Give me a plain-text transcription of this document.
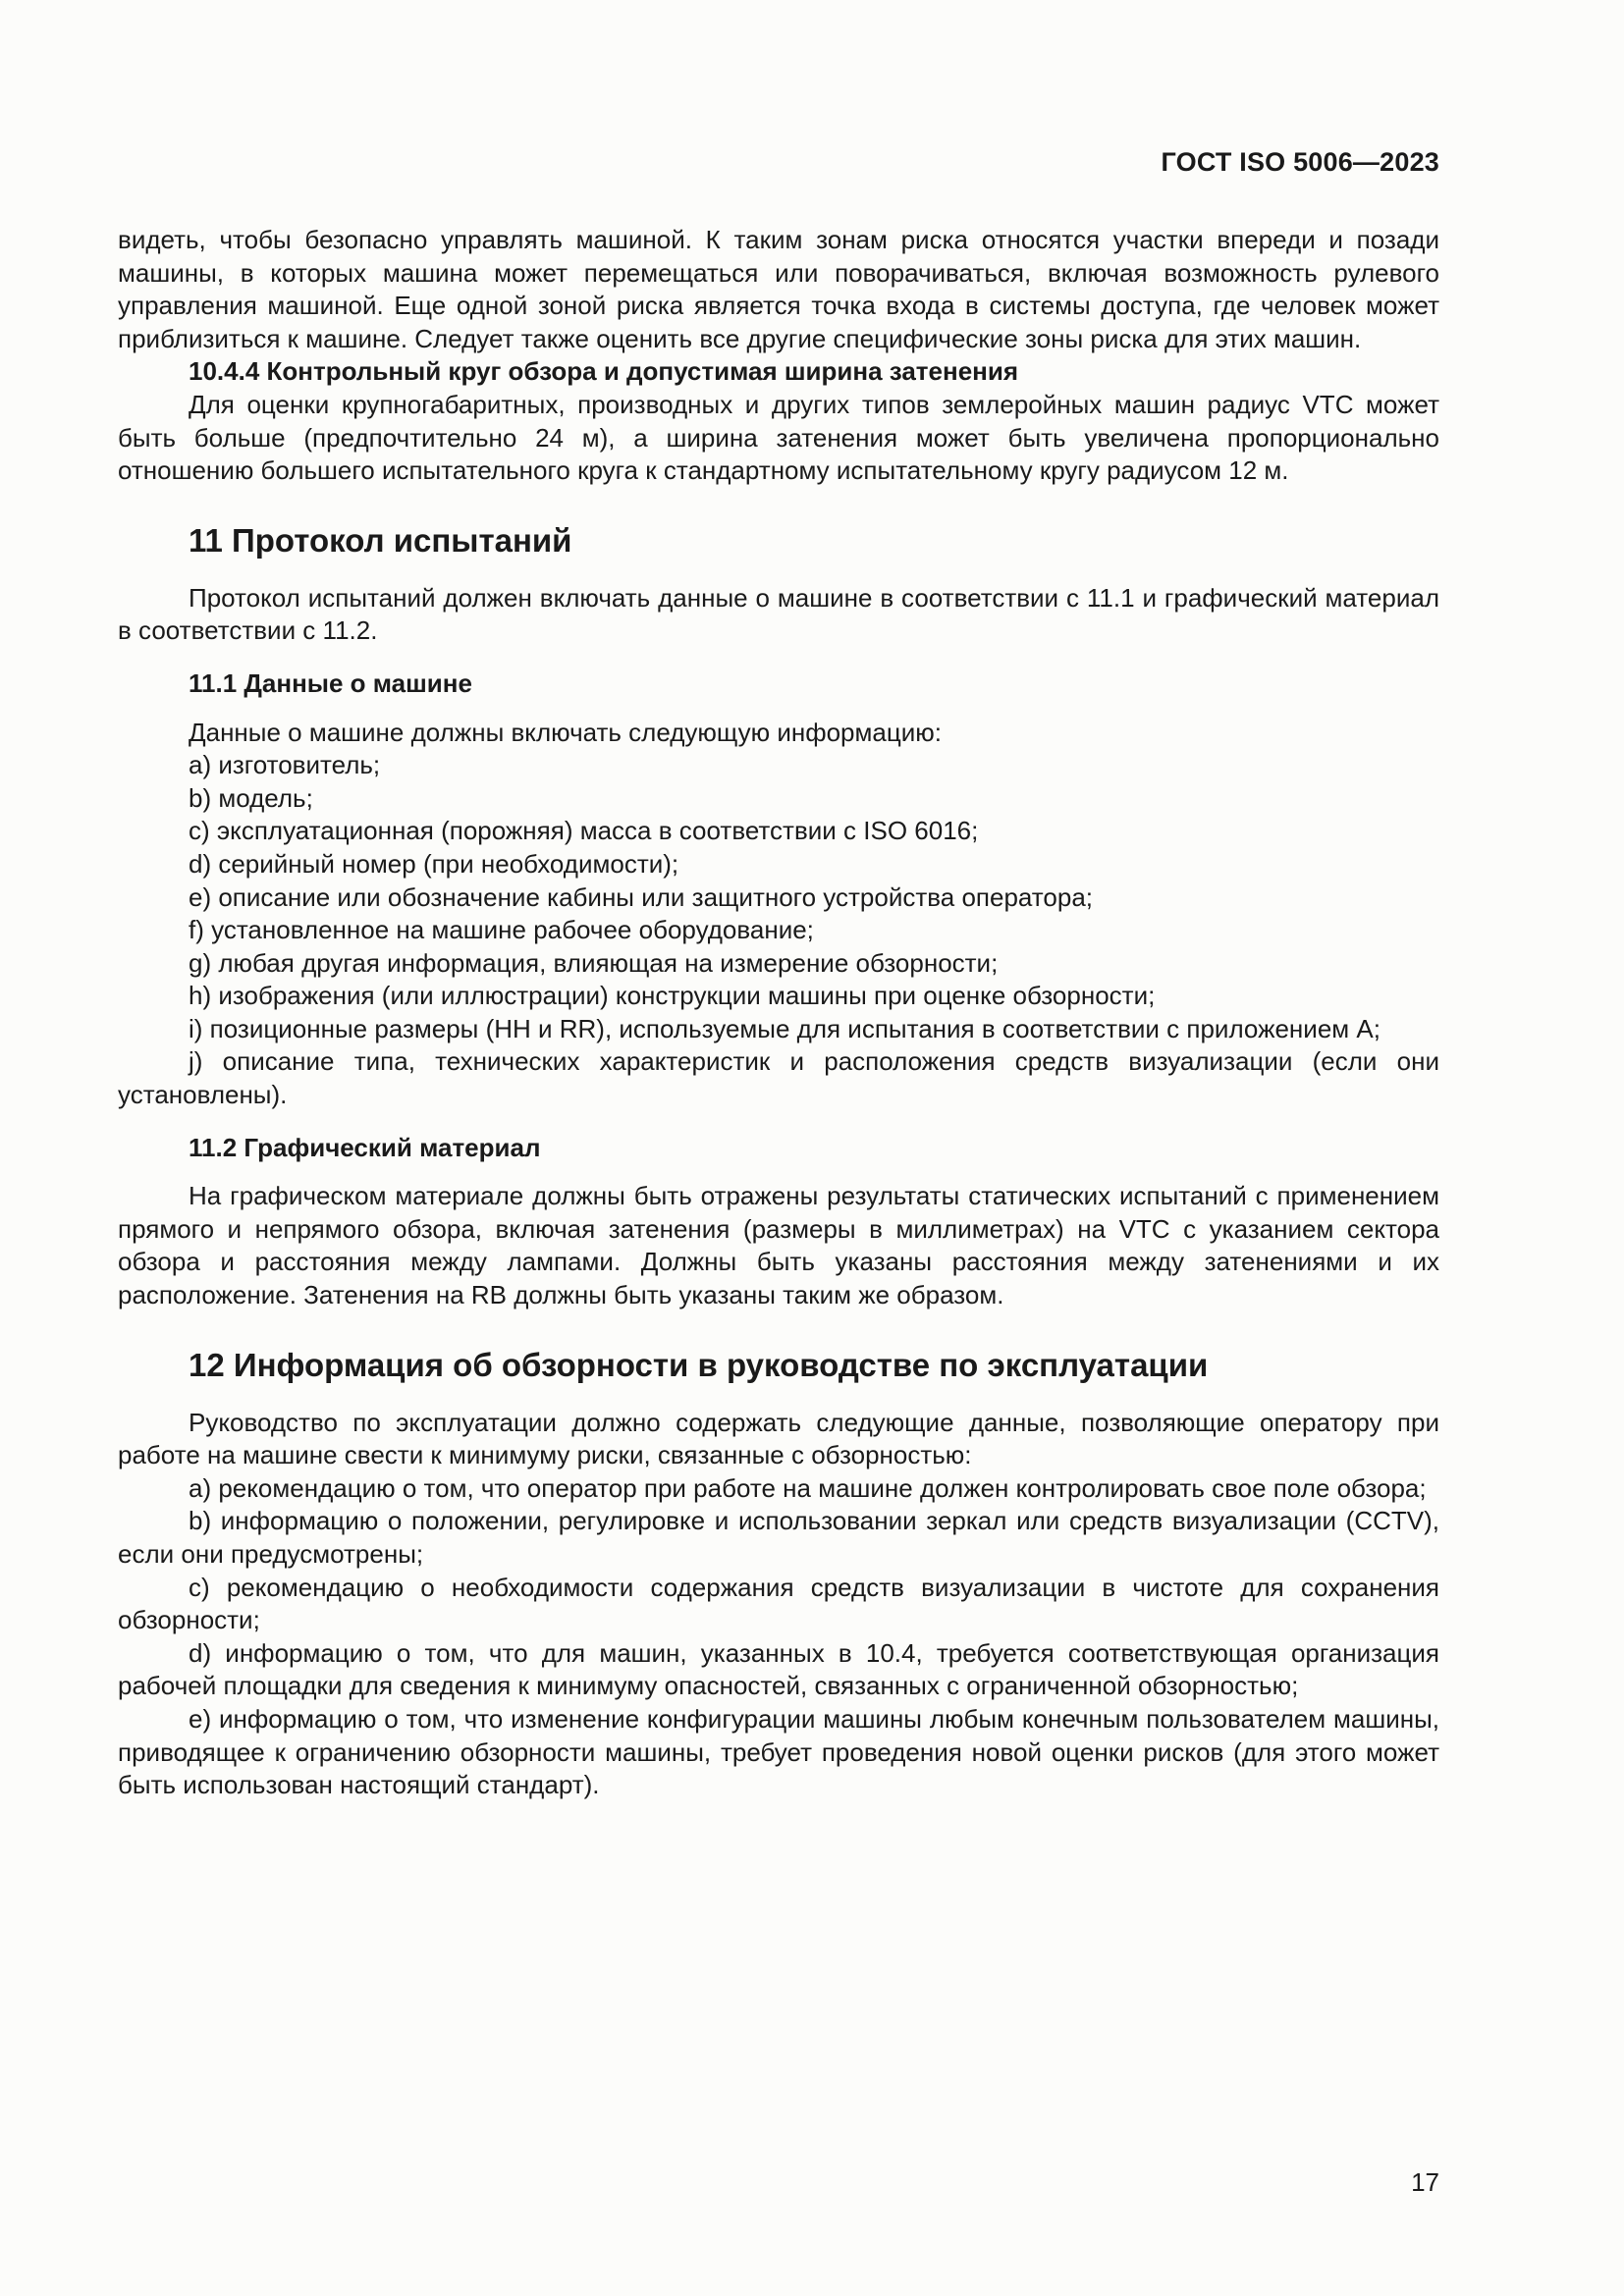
ГОСТ ISO 5006—2023

видеть, чтобы безопасно управлять машиной. К таким зонам риска относятся участки впереди и позади машины, в которых машина может перемещаться или поворачиваться, включая возможность рулевого управления машиной. Еще одной зоной риска является точка входа в системы доступа, где человек может приблизиться к машине. Следует также оценить все другие специфические зоны риска для этих машин.

10.4.4 Контрольный круг обзора и допустимая ширина затенения

Для оценки крупногабаритных, производных и других типов землеройных машин радиус VTC может быть больше (предпочтительно 24 м), а ширина затенения может быть увеличена пропорционально отношению большего испытательного круга к стандартному испытательному кругу радиусом 12 м.

11 Протокол испытаний

Протокол испытаний должен включать данные о машине в соответствии с 11.1 и графический материал в соответствии с 11.2.

11.1 Данные о машине

Данные о машине должны включать следующую информацию:

а) изготовитель;

b) модель;

с) эксплуатационная (порожняя) масса в соответствии с ISO 6016;

d) серийный номер (при необходимости);

е) описание или обозначение кабины или защитного устройства оператора;

f) установленное на машине рабочее оборудование;

g) любая другая информация, влияющая на измерение обзорности;

h) изображения (или иллюстрации) конструкции машины при оценке обзорности;

i) позиционные размеры (НН и RR), используемые для испытания в соответствии с приложением А;

j) описание типа, технических характеристик и расположения средств визуализации (если они установлены).

11.2 Графический материал

На графическом материале должны быть отражены результаты статических испытаний с применением прямого и непрямого обзора, включая затенения (размеры в миллиметрах) на VTC с указанием сектора обзора и расстояния между лампами. Должны быть указаны расстояния между затенениями и их расположение. Затенения на RB должны быть указаны таким же образом.

12 Информация об обзорности в руководстве по эксплуатации

Руководство по эксплуатации должно содержать следующие данные, позволяющие оператору при работе на машине свести к минимуму риски, связанные с обзорностью:

а) рекомендацию о том, что оператор при работе на машине должен контролировать свое поле обзора;

b) информацию о положении, регулировке и использовании зеркал или средств визуализации (CCTV), если они предусмотрены;

с) рекомендацию о необходимости содержания средств визуализации в чистоте для сохранения обзорности;

d) информацию о том, что для машин, указанных в 10.4, требуется соответствующая организация рабочей площадки для сведения к минимуму опасностей, связанных с ограниченной обзорностью;

е) информацию о том, что изменение конфигурации машины любым конечным пользователем машины, приводящее к ограничению обзорности машины, требует проведения новой оценки рисков (для этого может быть использован настоящий стандарт).

17
